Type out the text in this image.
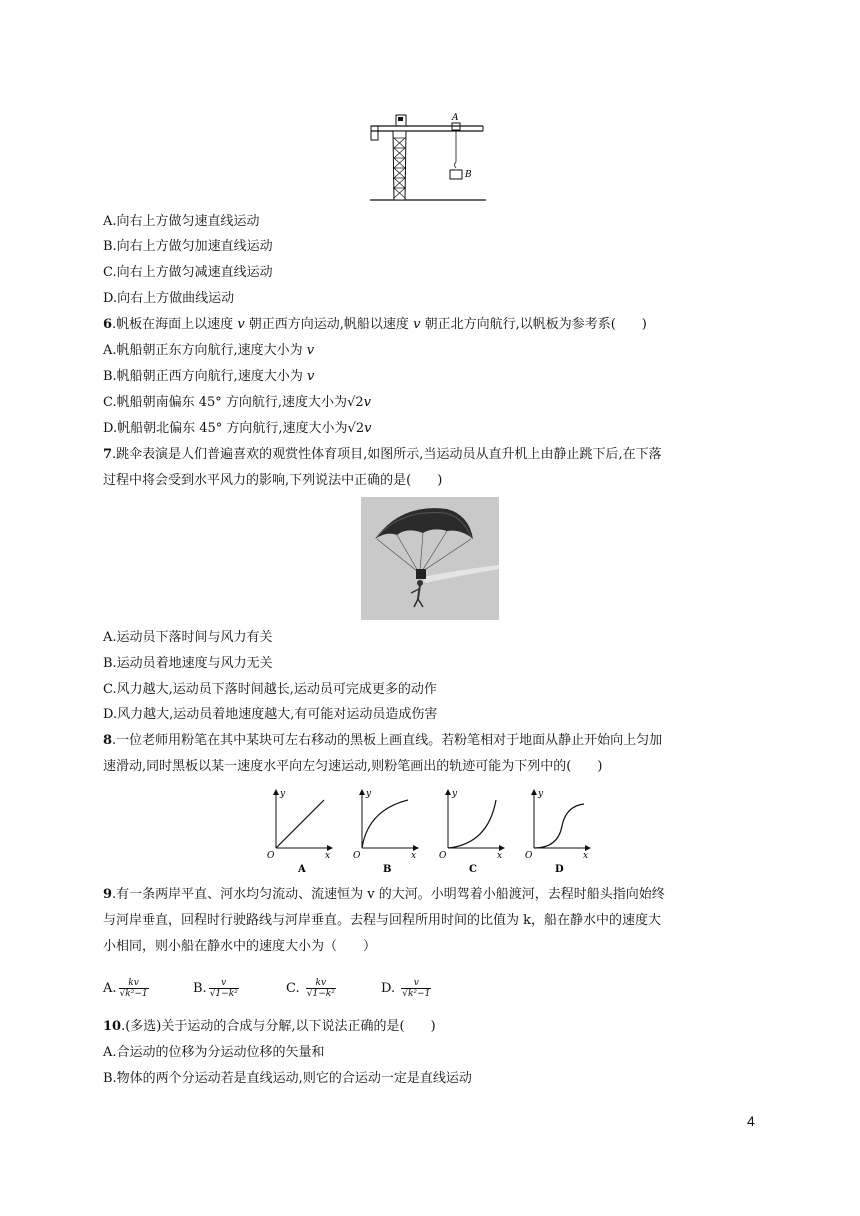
A
B
A.向右上方做匀速直线运动
B.向右上方做匀加速直线运动
C.向右上方做匀减速直线运动
D.向右上方做曲线运动
6.帆板在海面上以速度 v 朝正西方向运动,帆船以速度 v 朝正北方向航行,以帆板为参考系(　　)
A.帆船朝正东方向航行,速度大小为 v
B.帆船朝正西方向航行,速度大小为 v
C.帆船朝南偏东 45° 方向航行,速度大小为√2v
D.帆船朝北偏东 45° 方向航行,速度大小为√2v
7.跳伞表演是人们普遍喜欢的观赏性体育项目,如图所示,当运动员从直升机上由静止跳下后,在下落
过程中将会受到水平风力的影响,下列说法中正确的是(　　)
A.运动员下落时间与风力有关
B.运动员着地速度与风力无关
C.风力越大,运动员下落时间越长,运动员可完成更多的动作
D.风力越大,运动员着地速度越大,有可能对运动员造成伤害
8.一位老师用粉笔在其中某块可左右移动的黑板上画直线。若粉笔相对于地面从静止开始向上匀加
速滑动,同时黑板以某一速度水平向左匀速运动,则粉笔画出的轨迹可能为下列中的(　　)
y
x
O
A
y
x
O
B
y
x
O
C
y
x
O
D
9.有一条两岸平直、河水均匀流动、流速恒为 v 的大河。小明驾着小船渡河，去程时船头指向始终
与河岸垂直，回程时行驶路线与河岸垂直。去程与回程所用时间的比值为 k，船在静水中的速度大
小相同，则小船在静水中的速度大小为（　　）
A. $\frac{kv}{\text{√k²−1}}$	B. $\frac{v}{\text{√1−k²}}$	C. $\frac{kv}{\text{√1−k²}}$	D. $\frac{v}{\text{√k²−1}}$
10.(多选)关于运动的合成与分解,以下说法正确的是(　　)
A.合运动的位移为分运动位移的矢量和
B.物体的两个分运动若是直线运动,则它的合运动一定是直线运动
4
